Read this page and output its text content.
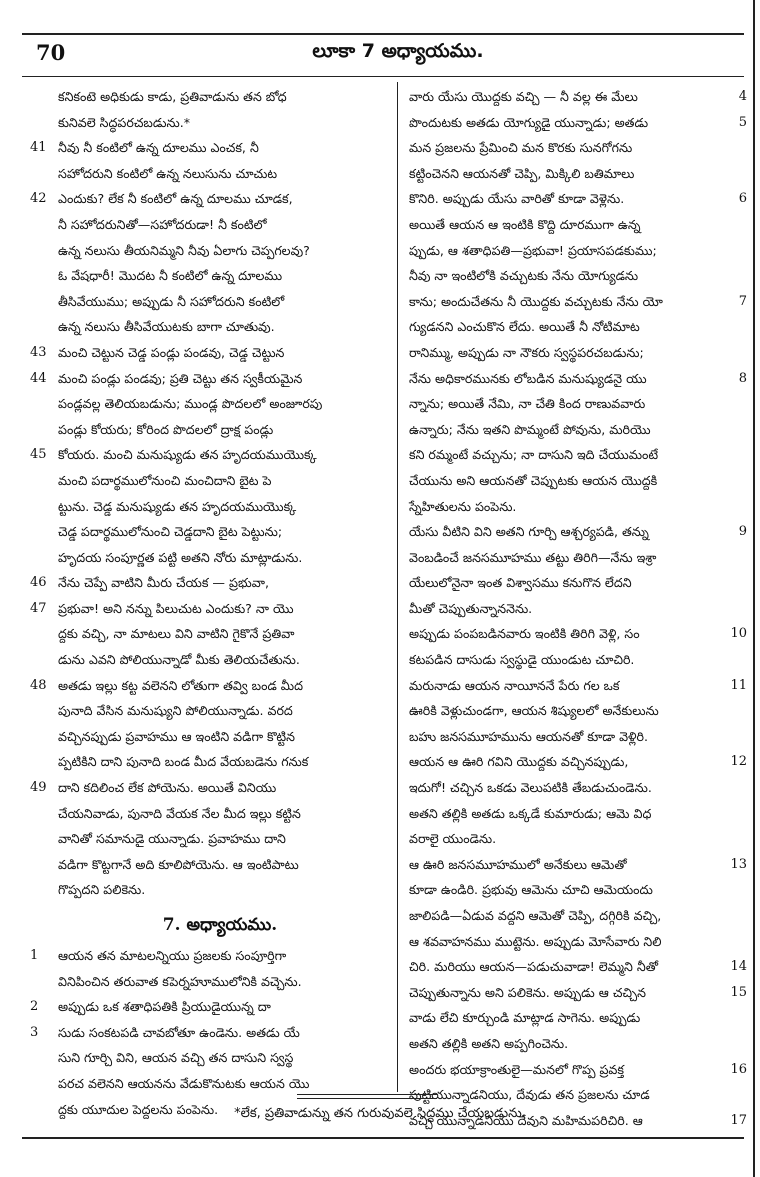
70	లూకా 7 అధ్యాయము.
కనికంటె అధికుడు కాడు, ప్రతివాడును తన బోధ
కునివలె సిద్ధపరచబడును.*
41 నీవు నీ కంటిలో ఉన్న దూలము ఎంచక, నీ
సహోదరుని కంటిలో ఉన్న నలుసును చూచుట
42 ఎందుకు? లేక నీ కంటిలో ఉన్న దూలము చూడక,
నీ సహోదరునితో—సహోదరుడా! నీ కంటిలో
ఉన్న నలుసు తీయనిమ్మని నీవు ఏలాగు చెప్పగలవు?
ఓ వేషధారీ! మొదట నీ కంటిలో ఉన్న దూలము
తీసివేయుము; అప్పుడు నీ సహోదరుని కంటిలో
ఉన్న నలుసు తీసివేయుటకు బాగా చూతువు.
43 మంచి చెట్టున చెడ్డ పండ్లు పండవు, చెడ్డ చెట్టున
44 మంచి పండ్లు పండవు; ప్రతి చెట్టు తన స్వకీయమైన
పండ్లవల్ల తెలియబడును; ముండ్ల పొదలలో అంజూరపు
పండ్లు కోయరు; కోరింద పొదలలో ద్రాక్ష పండ్లు
45 కోయరు. మంచి మనుష్యుడు తన హృదయముయొక్క
మంచి పదార్థములోనుంచి మంచిదాని బైట పె
ట్టును. చెడ్డ మనుష్యుడు తన హృదయముయొక్క
చెడ్డ పదార్థములోనుంచి చెడ్డదాని బైట పెట్టును;
హృదయ సంపూర్ణత పట్టి అతని నోరు మాట్లాడును.
46 నేను చెప్పే వాటిని మీరు చేయక — ప్రభువా,
47 ప్రభువా! అని నన్ను పిలుచుట ఎందుకు? నా యొ
ద్దకు వచ్చి, నా మాటలు విని వాటిని గైకొనే ప్రతివా
డును ఎవని పోలియున్నాడో మీకు తెలియచేతును.
48 అతడు ఇల్లు కట్ట వలెనని లోతుగా తవ్వి బండ మీద
పునాది వేసిన మనుష్యుని పోలియున్నాడు. వరద
వచ్చినప్పుడు ప్రవాహము ఆ ఇంటిని వడిగా కొట్టిన
ప్పటికిని దాని పునాది బండ మీద వేయబడెను గనుక
49 దాని కదిలించ లేక పోయెను. అయితే వినియు
చేయనివాడు, పునాది వేయక నేల మీద ఇల్లు కట్టిన
వానితో సమానుడై యున్నాడు. ప్రవాహము దాని
వడిగా కొట్టగానే అది కూలిపోయెను. ఆ ఇంటిపాటు
గొప్పదని పలికెను.
7. అధ్యాయము.
1	ఆయన తన మాటలన్నియు ప్రజలకు సంపూర్తిగా
వినిపించిన తరువాత కపెర్నహూములోనికి వచ్చెను.
2	అప్పుడు ఒక శతాధిపతికి ప్రియుడైయున్న దా
3	సుడు సంకటపడి చావబోతూ ఉండెను. అతడు యే
సుని గూర్చి విని, ఆయన వచ్చి తన దాసుని స్వస్థ
పరచ వలెనని ఆయనను వేడుకొనుటకు ఆయన యొ
ద్దకు యూదుల పెద్దలను పంపెను.
వారు యేసు యొద్దకు వచ్చి — నీ వల్ల ఈ మేలు	4
పొందుటకు అతడు యోగ్యుడై యున్నాడు; అతడు	5
మన ప్రజలను ప్రేమించి మన కొరకు సునగోగను
కట్టించెనని ఆయనతో చెప్పి, మిక్కిలి బతిమాలు
కొనిరి. అప్పుడు యేసు వారితో కూడా వెళ్లెను.	6
అయితే ఆయన ఆ ఇంటికి కొద్ది దూరముగా ఉన్న
ప్పుడు, ఆ శతాధిపతి—ప్రభువా! ప్రయాసపడకుము;
నీవు నా ఇంటిలోకి వచ్చుటకు నేను యోగ్యుడను
కాను; అందుచేతను నీ యొద్దకు వచ్చుటకు నేను యో	7
గ్యుడనని ఎంచుకొన లేదు. అయితే నీ నోటిమాట
రానిమ్ము, అప్పుడు నా నౌకరు స్వస్థపరచబడును;
నేను అధికారమునకు లోబడిన మనుష్యుడనై యు	8
న్నాను; అయితే నేమి, నా చేతి కింద రాణువవారు
ఉన్నారు; నేను ఇతని పొమ్మంటే పోవును, మరియొ
కని రమ్మంటే వచ్చును; నా దాసుని ఇది చేయుమంటే
చేయును అని ఆయనతో చెప్పుటకు ఆయన యొద్దకి
స్నేహితులను పంపెను.
యేసు వీటిని విని అతని గూర్చి ఆశ్చర్యపడి, తన్ను	9
వెంబడించే జనసమూహము తట్టు తిరిగి—నేను ఇశ్రా
యేలులోనైనా ఇంత విశ్వాసము కనుగొన లేదని
మీతో చెప్పుతున్నాననెను.
అప్పుడు పంపబడినవారు ఇంటికి తిరిగి వెళ్లి, సం	10
కటపడిన దాసుడు స్వస్థుడై యుండుట చూచిరి.
మరునాడు ఆయన నాయీననే పేరు గల ఒక	11
ఊరికి వెళ్లుచుండగా, ఆయన శిష్యులలో అనేకులును
బహు జనసమూహమును ఆయనతో కూడా వెళ్లిరి.
ఆయన ఆ ఊరి గవిని యొద్దకు వచ్చినప్పుడు,	12
ఇదుగో! చచ్చిన ఒకడు వెలుపటికి తేబడుచుండెను.
అతని తల్లికి అతడు ఒక్కడే కుమారుడు; ఆమె విధ
వరాలై యుండెను.
ఆ ఊరి జనసమూహములో అనేకులు ఆమెతో	13
కూడా ఉండిరి. ప్రభువు ఆమెను చూచి ఆమెయందు
జాలిపడి—ఏడువ వద్దని ఆమెతో చెప్పి, దగ్గిరికి వచ్చి,
ఆ శవవాహనము ముట్టెను. అప్పుడు మోసేవారు నిలి
చిరి. మరియు ఆయన—పడుచువాడా! లెమ్మని నీతో	14
చెప్పుతున్నాను అని పలికెను. అప్పుడు ఆ చచ్చిన	15
వాడు లేచి కూర్చుండి మాట్లాడ సాగెను. అప్పుడు
అతని తల్లికి అతని అప్పగించెను.
అందరు భయాక్రాంతులై—మనలో గొప్ప ప్రవక్త	16
పుట్టియున్నాడనియు, దేవుడు తన ప్రజలను చూడ
వచ్చి యున్నాడనియు దేవుని మహిమపరిచిరి. ఆ	17
*లేక, ప్రతివాడున్ను తన గురువువలె సిద్ధము చేయబడును.
